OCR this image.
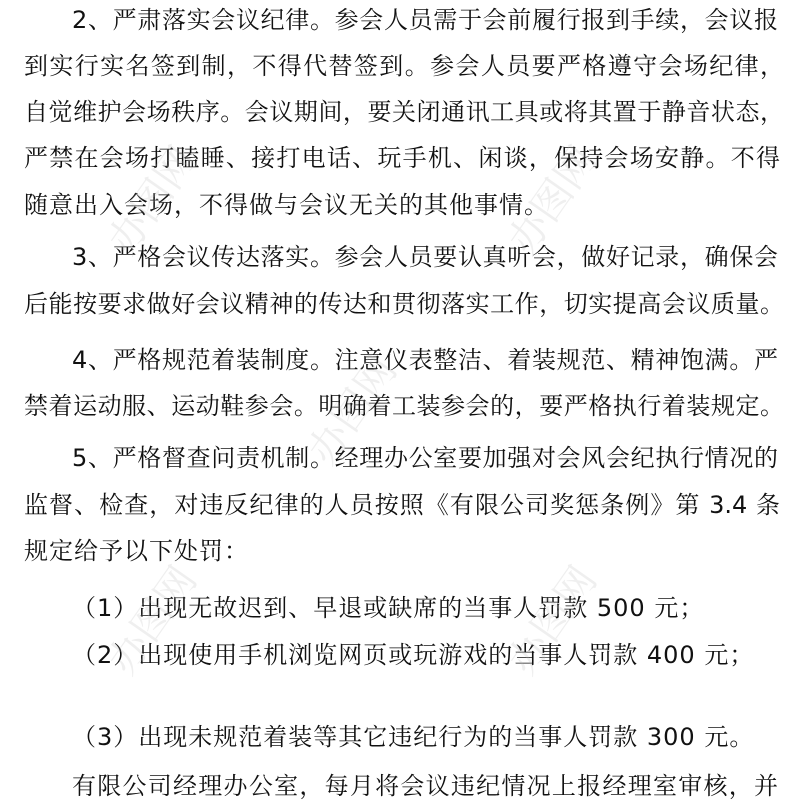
2、严肃落实会议纪律。参会人员需于会前履行报到手续，会议报
到实行实名签到制，不得代替签到。参会人员要严格遵守会场纪律，
自觉维护会场秩序。会议期间，要关闭通讯工具或将其置于静音状态，
严禁在会场打瞌睡、接打电话、玩手机、闲谈，保持会场安静。不得
随意出入会场，不得做与会议无关的其他事情。
3、严格会议传达落实。参会人员要认真听会，做好记录，确保会
后能按要求做好会议精神的传达和贯彻落实工作，切实提高会议质量。
4、严格规范着装制度。注意仪表整洁、着装规范、精神饱满。严
禁着运动服、运动鞋参会。明确着工装参会的，要严格执行着装规定。
5、严格督查问责机制。经理办公室要加强对会风会纪执行情况的
监督、检查，对违反纪律的人员按照《有限公司奖惩条例》第 3.4 条
规定给予以下处罚：
（1）出现无故迟到、早退或缺席的当事人罚款 500 元；
（2）出现使用手机浏览网页或玩游戏的当事人罚款 400 元；
（3）出现未规范着装等其它违纪行为的当事人罚款 300 元。
有限公司经理办公室，每月将会议违纪情况上报经理室审核，并
办图网	办图网
办图网
办图网	办图网
